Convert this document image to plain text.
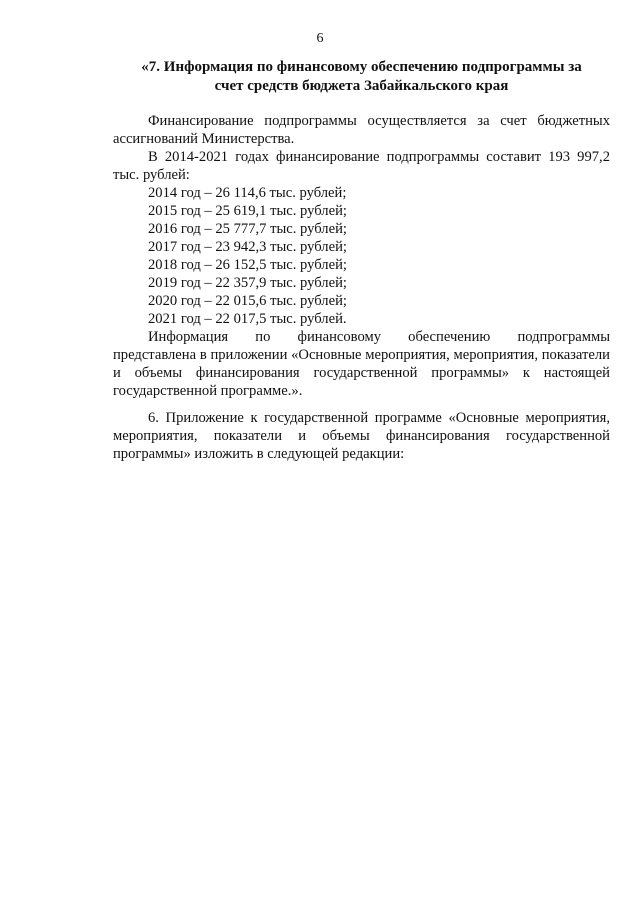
6
«7. Информация по финансовому обеспечению подпрограммы за
счет средств бюджета Забайкальского края

Финансирование подпрограммы осуществляется за счет бюджетных ассигнований Министерства.

В 2014-2021 годах финансирование подпрограммы составит 193 997,2 тыс. рублей:

2014 год – 26 114,6 тыс. рублей;

2015 год – 25 619,1 тыс. рублей;

2016 год – 25 777,7 тыс. рублей;

2017 год – 23 942,3 тыс. рублей;

2018 год – 26 152,5 тыс. рублей;

2019 год – 22 357,9 тыс. рублей;

2020 год – 22 015,6 тыс. рублей;

2021 год – 22 017,5 тыс. рублей.

Информация по финансовому обеспечению подпрограммы

представлена в приложении «Основные мероприятия, мероприятия, показатели и объемы финансирования государственной программы» к настоящей государственной программе.».

6. Приложение к государственной программе «Основные мероприятия, мероприятия, показатели и объемы финансирования государственной программы» изложить в следующей редакции:
